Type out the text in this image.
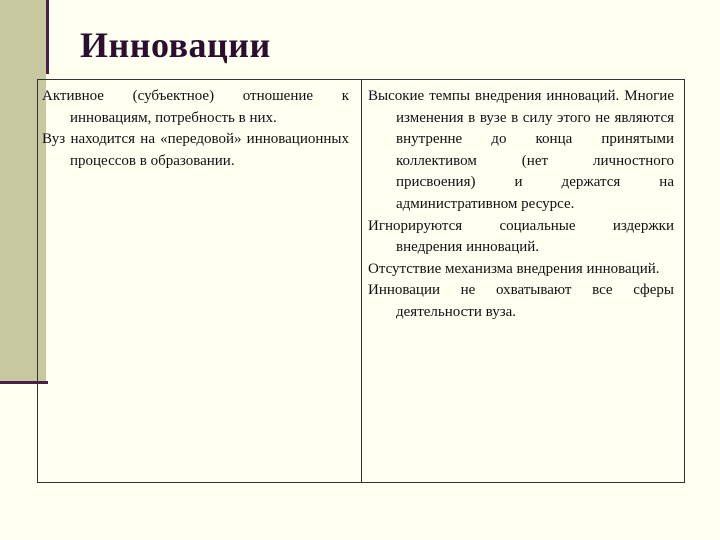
Инновации

Активное (субъектное) отношение к инновациям, потребность в них.

Вуз находится на «передовой» инновационных процессов в образовании.

Высокие темпы внедрения инноваций. Многие изменения в вузе в силу этого не являются внутренне до конца принятыми коллективом (нет личностного присвоения) и держатся на административном ресурсе.

Игнорируются социальные издержки внедрения инноваций.

Отсутствие механизма внедрения инноваций.

Инновации не охватывают все сферы деятельности вуза.
